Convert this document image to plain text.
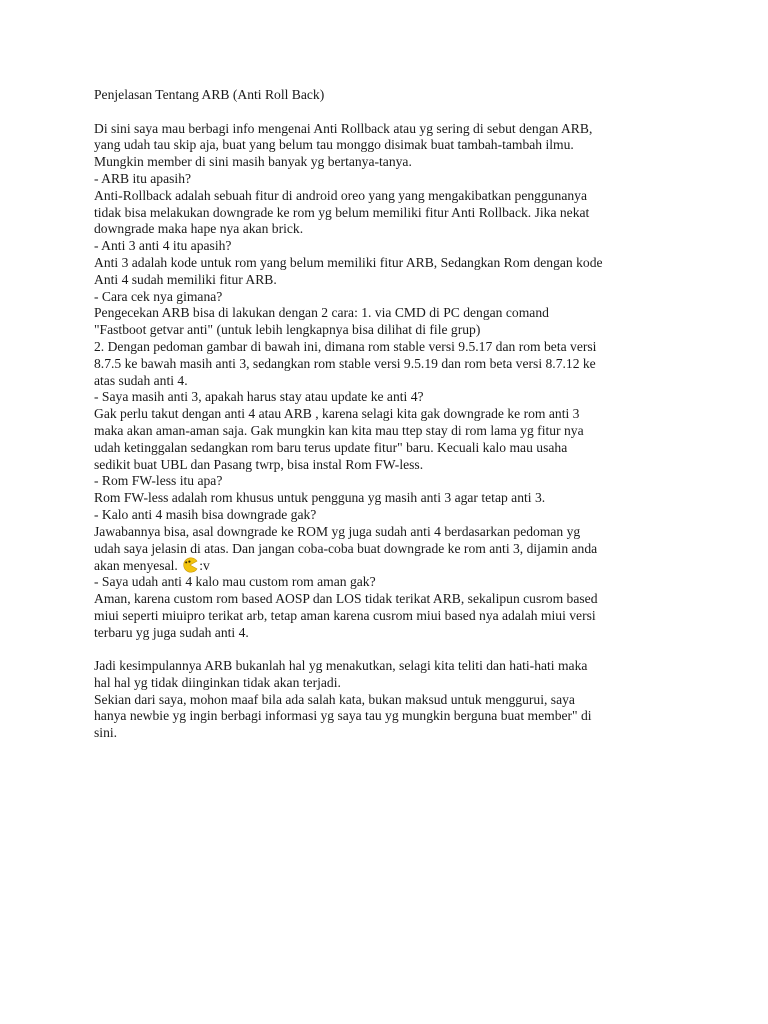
Penjelasan Tentang ARB (Anti Roll Back)
Di sini saya mau berbagi info mengenai Anti Rollback atau yg sering di sebut dengan ARB,
yang udah tau skip aja, buat yang belum tau monggo disimak buat tambah-tambah ilmu.
Mungkin member di sini masih banyak yg bertanya-tanya.
- ARB itu apasih?
Anti-Rollback adalah sebuah fitur di android oreo yang yang mengakibatkan penggunanya
tidak bisa melakukan downgrade ke rom yg belum memiliki fitur Anti Rollback. Jika nekat
downgrade maka hape nya akan brick.
- Anti 3 anti 4 itu apasih?
Anti 3 adalah kode untuk rom yang belum memiliki fitur ARB, Sedangkan Rom dengan kode
Anti 4 sudah memiliki fitur ARB.
- Cara cek nya gimana?
Pengecekan ARB bisa di lakukan dengan 2 cara: 1. via CMD di PC dengan comand
"Fastboot getvar anti" (untuk lebih lengkapnya bisa dilihat di file grup)
2. Dengan pedoman gambar di bawah ini, dimana rom stable versi 9.5.17 dan rom beta versi
8.7.5 ke bawah masih anti 3, sedangkan rom stable versi 9.5.19 dan rom beta versi 8.7.12 ke
atas sudah anti 4.
- Saya masih anti 3, apakah harus stay atau update ke anti 4?
Gak perlu takut dengan anti 4 atau ARB , karena selagi kita gak downgrade ke rom anti 3
maka akan aman-aman saja. Gak mungkin kan kita mau ttep stay di rom lama yg fitur nya
udah ketinggalan sedangkan rom baru terus update fitur" baru. Kecuali kalo mau usaha
sedikit buat UBL dan Pasang twrp, bisa instal Rom FW-less.
- Rom FW-less itu apa?
Rom FW-less adalah rom khusus untuk pengguna yg masih anti 3 agar tetap anti 3.
- Kalo anti 4 masih bisa downgrade gak?
Jawabannya bisa, asal downgrade ke ROM yg juga sudah anti 4 berdasarkan pedoman yg
udah saya jelasin di atas. Dan jangan coba-coba buat downgrade ke rom anti 3, dijamin anda
akan menyesal. :v
- Saya udah anti 4 kalo mau custom rom aman gak?
Aman, karena custom rom based AOSP dan LOS tidak terikat ARB, sekalipun cusrom based
miui seperti miuipro terikat arb, tetap aman karena cusrom miui based nya adalah miui versi
terbaru yg juga sudah anti 4.
Jadi kesimpulannya ARB bukanlah hal yg menakutkan, selagi kita teliti dan hati-hati maka
hal hal yg tidak diinginkan tidak akan terjadi.
Sekian dari saya, mohon maaf bila ada salah kata, bukan maksud untuk menggurui, saya
hanya newbie yg ingin berbagi informasi yg saya tau yg mungkin berguna buat member" di
sini.
